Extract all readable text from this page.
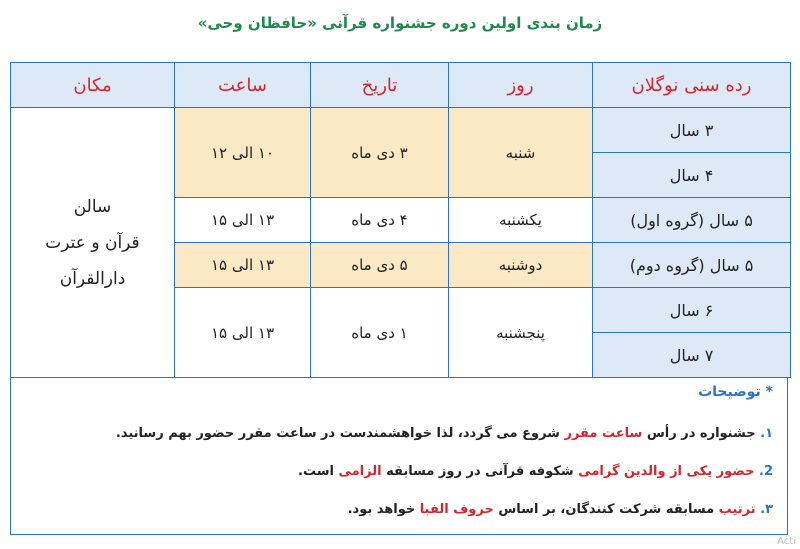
زمان بندی اولین دوره جشنواره قرآنی «حافظان وحی»
رده سنی نوگلان	روز	تاریخ	ساعت	مکان
۳ سال	شنبه	۳ دی ماه	۱۰ الی ۱۲	سالن
قرآن و عترت
دارالقرآن

۴ سال				
۵ سال (گروه اول)	یکشنبه	۴ دی ماه	۱۳ الی ۱۵	
۵ سال (گروه دوم)	دوشنبه	۵ دی ماه	۱۳ الی ۱۵	
۶ سال	پنجشنبه	۱ دی ماه	۱۳ الی ۱۵	
۷ سال				
* توضیحات
۱. جشنواره در رأس ساعت مقرر شروع می گردد، لذا خواهشمندست در ساعت مقرر حضور بهم رسانید.
2. حضور یکی از والدین گرامی شکوفه قرآنی در روز مسابقه الزامی است.
۳. ترتیب مسابقه شرکت کنندگان، بر اساس حروف الفبا خواهد بود.
Acti
